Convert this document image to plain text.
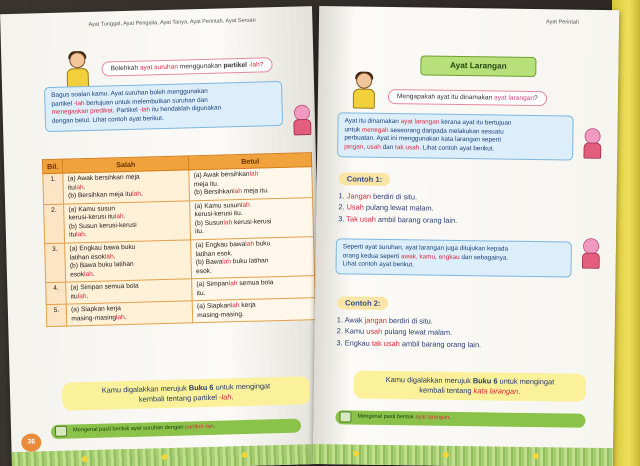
Ayat Tunggal, Ayat Pengaita, Ayat Tanya, Ayat Perintah, Ayat Seruan
Bolehkah ayat suruhan menggunakan partikel -lah?
Bagus soalan kamu. Ayat suruhan boleh menggunakan
partikel -lah bertujuan untuk melembutkan suruhan dan
menegaskan predikat. Partikel -lah itu hendaklah digunakan
dengan betul. Lihat contoh ayat berikut.
Bil.	Salah	Betul
1.	(a) Awak bersihkan meja
itulah.
(b) Bersihkan meja itulah.	(a) Awak bersihkanlah
meja itu.
(b) Bersihkanlah meja itu.

2.	(a) Kamu susun
kerusi-kerusi itulah.
(b) Susun kerusi-kerusi
itulah.	(a) Kamu susunlah
kerusi-kerusi itu.
(b) Susunlah kerusi-kerusi
itu.

3.	(a) Engkau bawa buku
latihan esoklah.
(b) Bawa buku latihan
esoklah.	(a) Engkau bawalah buku
latihan esok.
(b) Bawalah buku latihan
esok.

4.	(a) Simpan semua bola
itulah.	(a) Simpanlah semua bola
itu.

5.	(a) Siapkan kerja
masing-masinglah.	(a) Siapkanlah kerja
masing-masing.
Kamu digalakkan merujuk Buku 6 untuk mengingat
kembali tentang partikel -lah.
Mengenal pasti bentuk ayat suruhan dengan partikel -lah.
36
Ayat Perintah
Ayat Larangan
Mengapakah ayat itu dinamakan ayat larangan?
Ayat itu dinamakan ayat larangan kerana ayat itu bertujuan
untuk menegah seseorang daripada melakukan sesuatu
perbuatan. Ayat ini menggunakan kata larangan seperti
jangan, usah dan tak usah. Lihat contoh ayat berikut.
Contoh 1:
1. Jangan berdiri di situ.
2. Usah pulang lewat malam.
3. Tak usah ambil barang orang lain.
Seperti ayat suruhan, ayat larangan juga ditujukan kepada
orang kedua seperti awak, kamu, engkau dan sebagainya.
Lihat contoh ayat berikut.
Contoh 2:
1. Awak jangan berdiri di situ.
2. Kamu usah pulang lewat malam.
3. Engkau tak usah ambil barang orang lain.
Kamu digalakkan merujuk Buku 6 untuk mengingat
kembali tentang kata larangan.
Mengenal pasti bentuk ayat larangan.
